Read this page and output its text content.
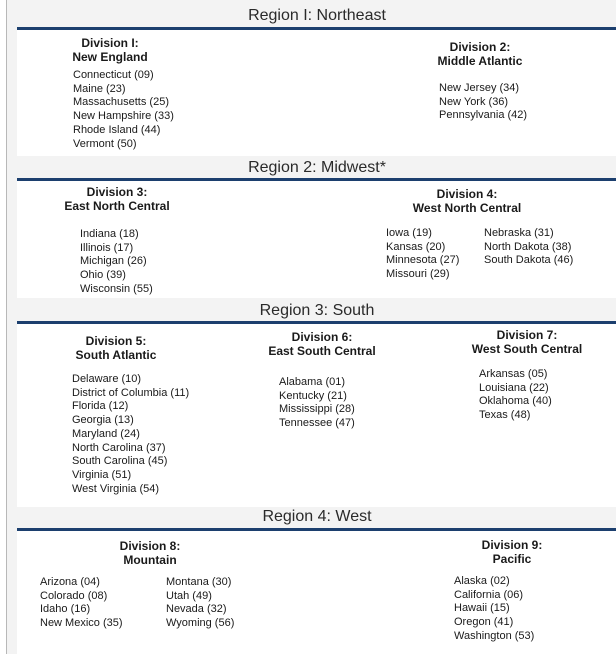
Region I: Northeast
Division I:
New England
Connecticut (09)
Maine (23)
Massachusetts (25)
New Hampshire (33)
Rhode Island (44)
Vermont (50)
Division 2:
Middle Atlantic
New Jersey (34)
New York (36)
Pennsylvania (42)
Region 2: Midwest*
Division 3:
East North Central
Indiana (18)
Illinois (17)
Michigan (26)
Ohio (39)
Wisconsin (55)
Division 4:
West North Central
Iowa (19)
Kansas (20)
Minnesota (27)
Missouri (29)
Nebraska (31)
North Dakota (38)
South Dakota (46)
Region 3: South
Division 5:
South Atlantic
Delaware (10)
District of Columbia (11)
Florida (12)
Georgia (13)
Maryland (24)
North Carolina (37)
South Carolina (45)
Virginia (51)
West Virginia (54)
Division 6:
East South Central
Alabama (01)
Kentucky (21)
Mississippi (28)
Tennessee (47)
Division 7:
West South Central
Arkansas (05)
Louisiana (22)
Oklahoma (40)
Texas (48)
Region 4: West
Division 8:
Mountain
Arizona (04)
Colorado (08)
Idaho (16)
New Mexico (35)
Montana (30)
Utah (49)
Nevada (32)
Wyoming (56)
Division 9:
Pacific
Alaska (02)
California (06)
Hawaii (15)
Oregon (41)
Washington (53)
